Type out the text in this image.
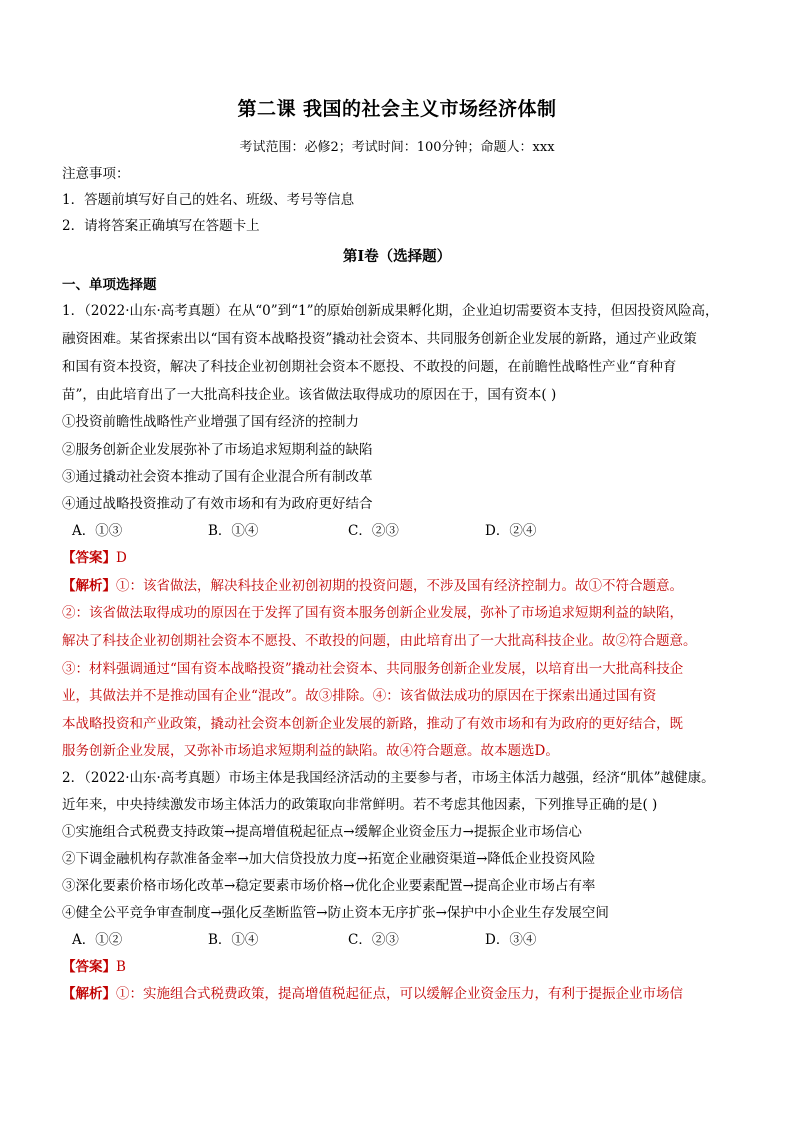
第二课 我国的社会主义市场经济体制
考试范围：必修2；考试时间：100分钟；命题人：xxx
注意事项：
1．答题前填写好自己的姓名、班级、考号等信息
2．请将答案正确填写在答题卡上
第I卷（选择题）
一、单项选择题
1．（2022·山东·高考真题）在从“0”到“1”的原始创新成果孵化期，企业迫切需要资本支持，但因投资风险高，
融资困难。某省探索出以“国有资本战略投资”撬动社会资本、共同服务创新企业发展的新路，通过产业政策
和国有资本投资，解决了科技企业初创期社会资本不愿投、不敢投的问题，在前瞻性战略性产业“育种育
苗”，由此培育出了一大批高科技企业。该省做法取得成功的原因在于，国有资本( )
①投资前瞻性战略性产业增强了国有经济的控制力
②服务创新企业发展弥补了市场追求短期利益的缺陷
③通过撬动社会资本推动了国有企业混合所有制改革
④通过战略投资推动了有效市场和有为政府更好结合
A．①③	B．①④	C．②③	D．②④
【答案】D
【解析】①：该省做法，解决科技企业初创初期的投资问题，不涉及国有经济控制力。故①不符合题意。
②：该省做法取得成功的原因在于发挥了国有资本服务创新企业发展，弥补了市场追求短期利益的缺陷，
解决了科技企业初创期社会资本不愿投、不敢投的问题，由此培育出了一大批高科技企业。故②符合题意。
③：材料强调通过“国有资本战略投资”撬动社会资本、共同服务创新企业发展，以培育出一大批高科技企
业，其做法并不是推动国有企业“混改”。故③排除。④：该省做法成功的原因在于探索出通过国有资
本战略投资和产业政策，撬动社会资本创新企业发展的新路，推动了有效市场和有为政府的更好结合，既
服务创新企业发展，又弥补市场追求短期利益的缺陷。故④符合题意。故本题选D。
2．（2022·山东·高考真题）市场主体是我国经济活动的主要参与者，市场主体活力越强，经济“肌体”越健康。
近年来，中央持续激发市场主体活力的政策取向非常鲜明。若不考虑其他因素，下列推导正确的是( )
①实施组合式税费支持政策→提高增值税起征点→缓解企业资金压力→提振企业市场信心
②下调金融机构存款准备金率→加大信贷投放力度→拓宽企业融资渠道→降低企业投资风险
③深化要素价格市场化改革→稳定要素市场价格→优化企业要素配置→提高企业市场占有率
④健全公平竞争审查制度→强化反垄断监管→防止资本无序扩张→保护中小企业生存发展空间
A．①②	B．①④	C．②③	D．③④
【答案】B
【解析】①：实施组合式税费政策，提高增值税起征点，可以缓解企业资金压力，有利于提振企业市场信
